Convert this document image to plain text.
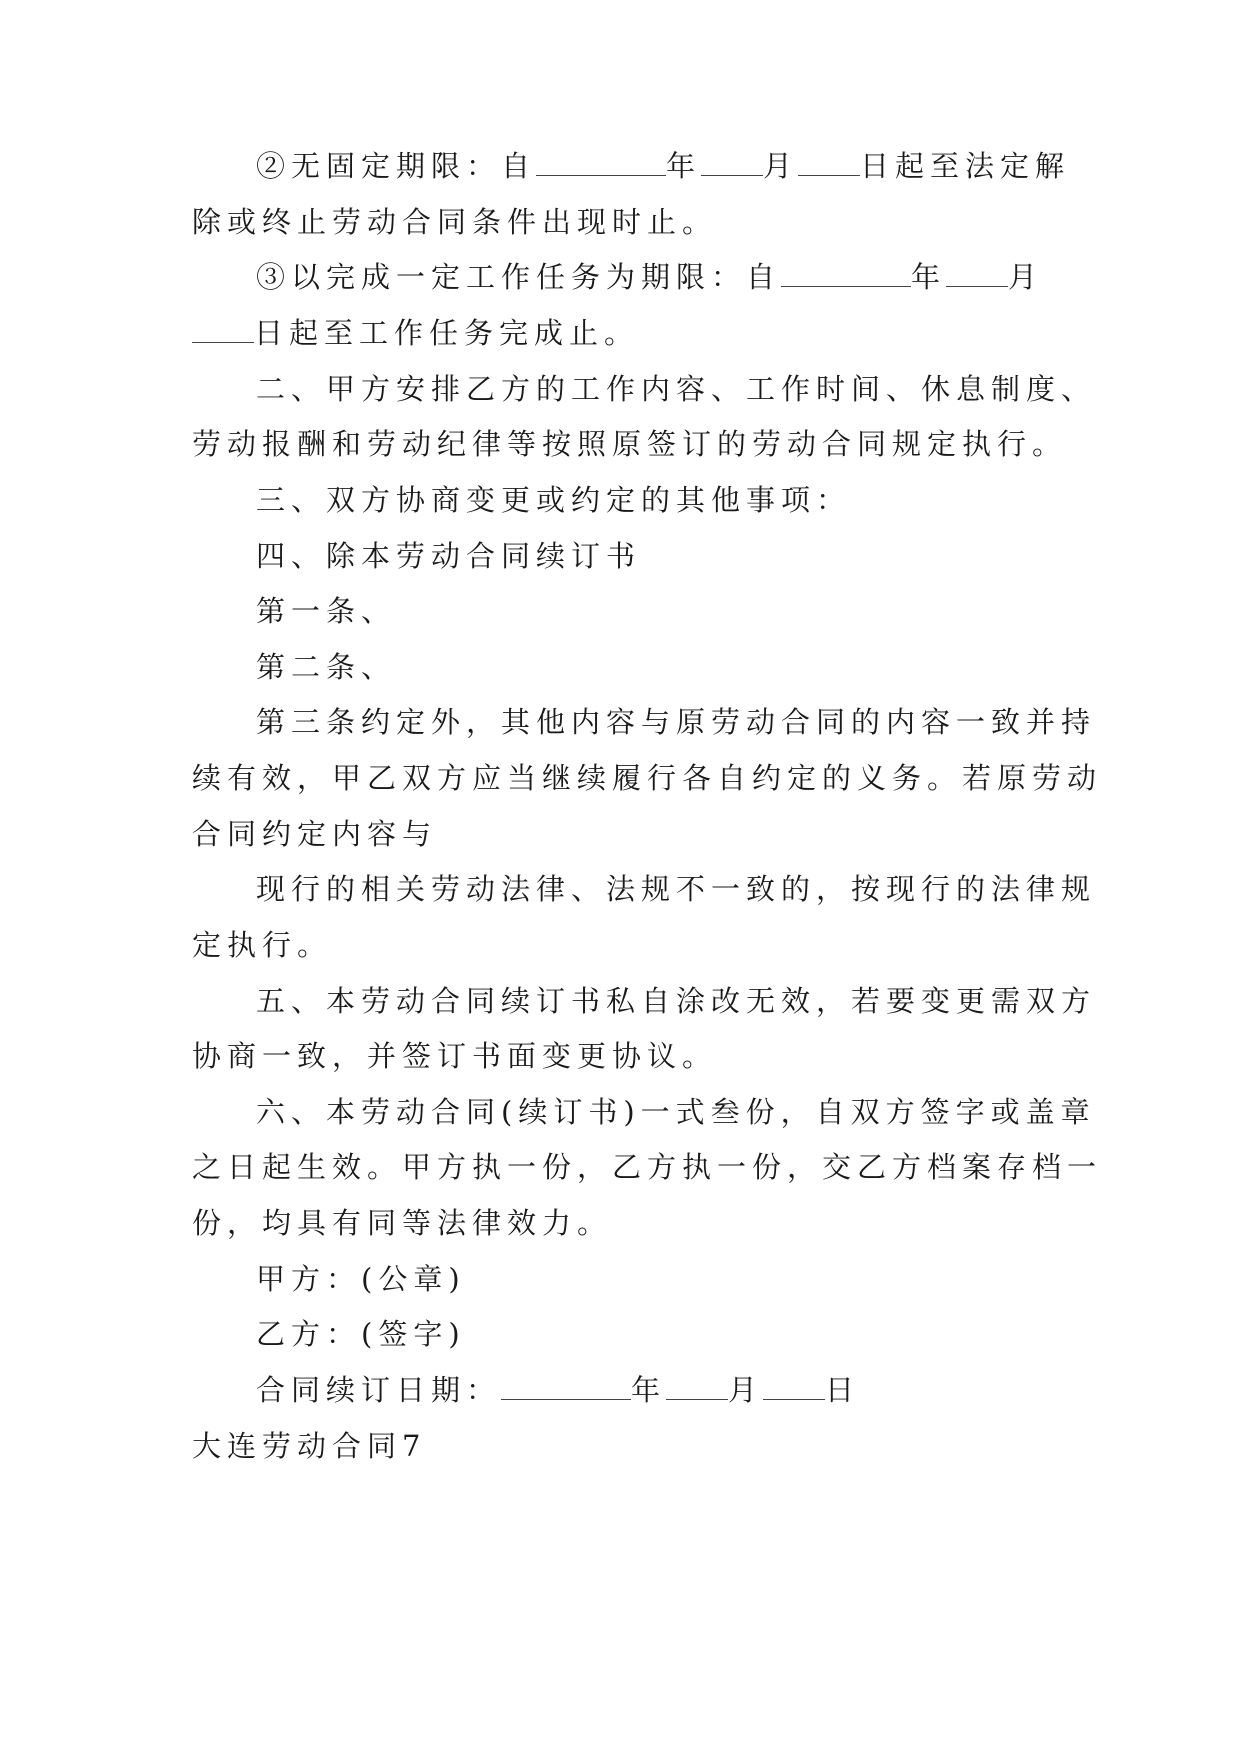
②无固定期限：自	年 月 日起至法定解
除或终止劳动合同条件出现时止。
③以完成一定工作任务为期限：自	年 月
日起至工作任务完成止。
二、甲方安排乙方的工作内容、工作时间、休息制度、
劳动报酬和劳动纪律等按照原签订的劳动合同规定执行。
三、双方协商变更或约定的其他事项：
四、除本劳动合同续订书
第一条、
第二条、
第三条约定外，其他内容与原劳动合同的内容一致并持
续有效，甲乙双方应当继续履行各自约定的义务。若原劳动
合同约定内容与
现行的相关劳动法律、法规不一致的，按现行的法律规
定执行。
五、本劳动合同续订书私自涂改无效，若要变更需双方
协商一致，并签订书面变更协议。
六、本劳动合同(续订书)一式叁份，自双方签字或盖章
之日起生效。甲方执一份，乙方执一份，交乙方档案存档一
份，均具有同等法律效力。
甲方：(公章)
乙方：(签字)
合同续订日期：	年 月 日
大连劳动合同7
